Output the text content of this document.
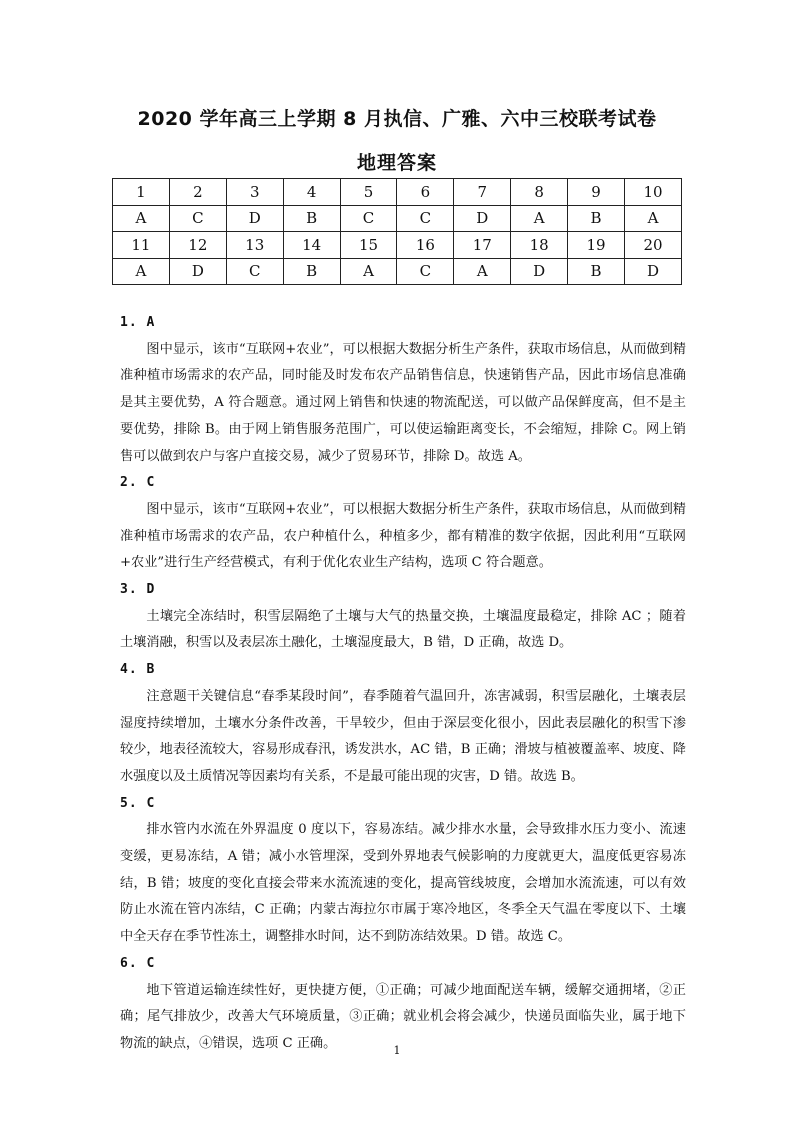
2020 学年高三上学期 8 月执信、广雅、六中三校联考试卷
地理答案
1	2	3	4	5	6	7	8	9	10
A	C	D	B	C	C	D	A	B	A
11	12	13	14	15	16	17	18	19	20
A	D	C	B	A	C	A	D	B	D

1. A

图中显示，该市“互联网+农业”，可以根据大数据分析生产条件，获取市场信息，从而做到精准种植市场需求的农产品，同时能及时发布农产品销售信息，快速销售产品，因此市场信息准确是其主要优势，A 符合题意。通过网上销售和快速的物流配送，可以做产品保鲜度高，但不是主要优势，排除 B。由于网上销售服务范围广，可以使运输距离变长，不会缩短，排除 C。网上销售可以做到农户与客户直接交易，减少了贸易环节，排除 D。故选 A。

2. C

图中显示，该市“互联网+农业”，可以根据大数据分析生产条件，获取市场信息，从而做到精准种植市场需求的农产品，农户种植什么，种植多少，都有精准的数字依据，因此利用“互联网+农业”进行生产经营模式，有利于优化农业生产结构，选项 C 符合题意。

3. D

土壤完全冻结时，积雪层隔绝了土壤与大气的热量交换，土壤温度最稳定，排除 AC ；随着土壤消融，积雪以及表层冻土融化，土壤湿度最大，B 错，D 正确，故选 D。

4. B

注意题干关键信息“春季某段时间”，春季随着气温回升，冻害减弱，积雪层融化，土壤表层湿度持续增加，土壤水分条件改善，干旱较少，但由于深层变化很小，因此表层融化的积雪下渗较少，地表径流较大，容易形成春汛，诱发洪水，AC 错，B 正确；滑坡与植被覆盖率、坡度、降水强度以及土质情况等因素均有关系，不是最可能出现的灾害，D 错。故选 B。

5. C

排水管内水流在外界温度 0 度以下，容易冻结。减少排水水量，会导致排水压力变小、流速变缓，更易冻结，A 错；减小水管埋深，受到外界地表气候影响的力度就更大，温度低更容易冻结，B 错；坡度的变化直接会带来水流流速的变化，提高管线坡度，会增加水流流速，可以有效防止水流在管内冻结，C 正确；内蒙古海拉尔市属于寒冷地区，冬季全天气温在零度以下、土壤中全天存在季节性冻土，调整排水时间，达不到防冻结效果。D 错。故选 C。

6. C

地下管道运输连续性好，更快捷方便，①正确；可减少地面配送车辆，缓解交通拥堵，②正确；尾气排放少，改善大气环境质量，③正确；就业机会将会减少，快递员面临失业，属于地下物流的缺点，④错误，选项 C 正确。	1
